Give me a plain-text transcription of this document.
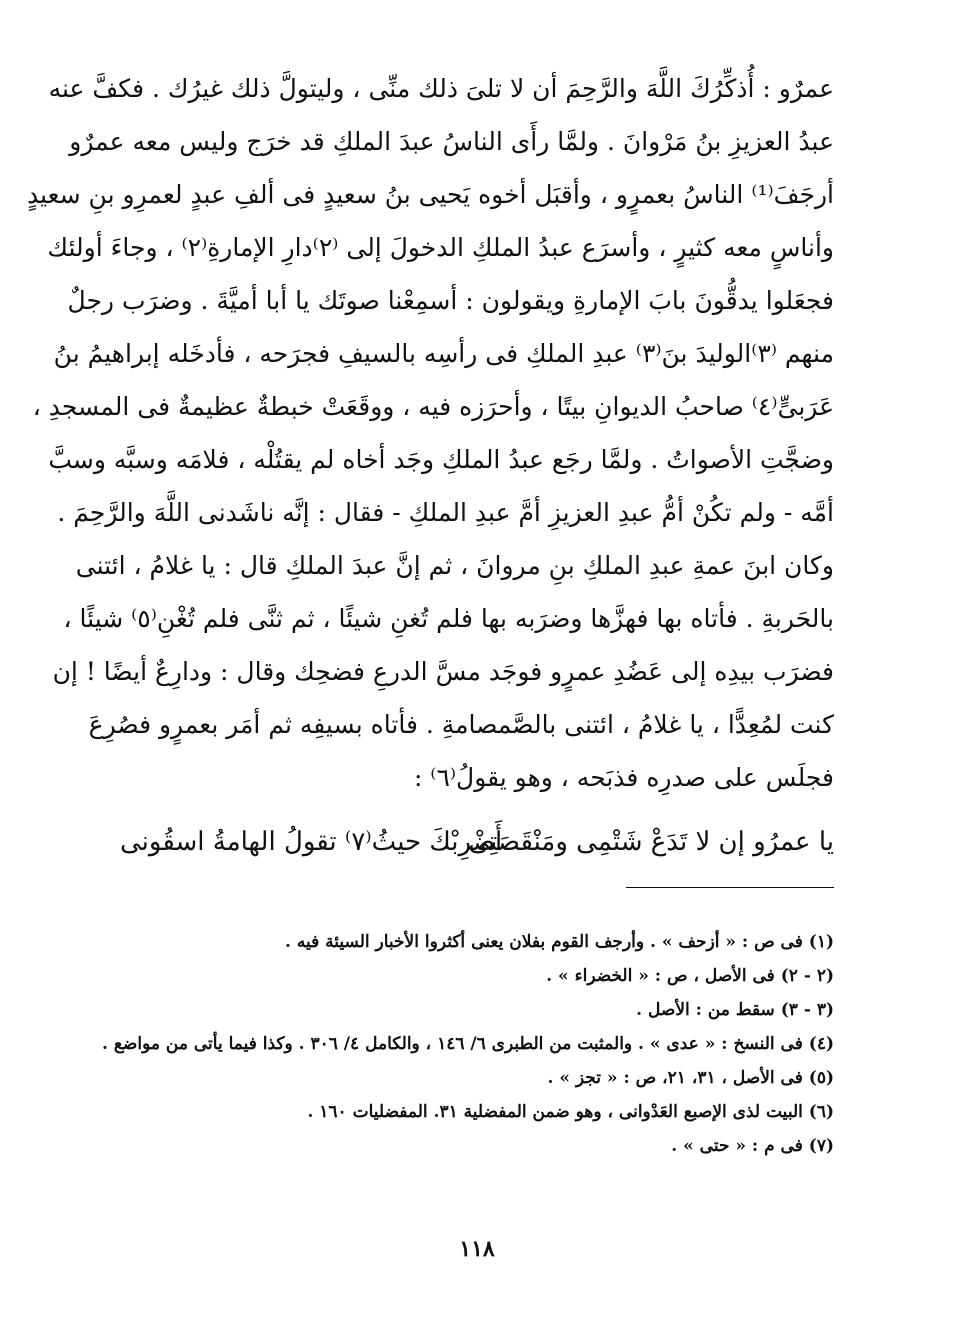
عمرٌو : أُذكِّرُكَ اللَّهَ والرَّحِمَ أن لا تلىَ ذلك منِّى ، وليتولَّ ذلك غيرُك . فكفَّ عنه
عبدُ العزيزِ بنُ مَرْوانَ . ولمَّا رأَى الناسُ عبدَ الملكِ قد خرَج وليس معه عمرٌو
أرجَفَ⁽¹⁾ الناسُ بعمرٍو ، وأقبَل أخوه يَحيى بنُ سعيدٍ فى ألفِ عبدٍ لعمرِو بنِ سعيدٍ
وأناسٍ معه كثيرٍ ، وأسرَع عبدُ الملكِ الدخولَ إلى ⁽٢⁾دارِ الإمارةِ⁽٢⁾ ، وجاءَ أولئك
فجعَلوا يدقُّونَ بابَ الإمارةِ ويقولون : أسمِعْنا صوتَك يا أبا أميَّةَ . وضرَب رجلٌ
منهم ⁽٣⁾الوليدَ بنَ⁽٣⁾ عبدِ الملكِ فى رأسِه بالسيفِ فجرَحه ، فأدخَله إبراهيمُ بنُ
عَرَبىٍّ⁽٤⁾ صاحبُ الديوانِ بيتًا ، وأحرَزه فيه ، ووقَعَتْ خبطةٌ عظيمةٌ فى المسجدِ ،
وضجَّتِ الأصواتُ . ولمَّا رجَع عبدُ الملكِ وجَد أخاه لم يقتُلْه ، فلامَه وسبَّه وسبَّ
أمَّه - ولم تكُنْ أمُّ عبدِ العزيزِ أمَّ عبدِ الملكِ - فقال : إنَّه ناشَدنى اللَّهَ والرَّحِمَ .
وكان ابنَ عمةِ عبدِ الملكِ بنِ مروانَ ، ثم إنَّ عبدَ الملكِ قال : يا غلامُ ، ائتنى
بالحَربةِ . فأتاه بها فهزَّها وضرَبه بها فلم تُغنِ شيئًا ، ثم ثنَّى فلم تُغْنِ⁽٥⁾ شيئًا ،
فضرَب بيدِه إلى عَضُدِ عمرٍو فوجَد مسَّ الدرعِ فضحِك وقال : ودارِعٌ أيضًا ! إن
كنت لمُعِدًّا ، يا غلامُ ، ائتنى بالصَّمصامةِ . فأتاه بسيفِه ثم أمَر بعمرٍو فصُرِعَ
فجلَس على صدرِه فذبَحه ، وهو يقولُ⁽٦⁾ :
يا عمرُو إن لا تَدَعْ شَتْمِى ومَنْقَصَتِى
أَضْرِبْكَ حيثُ⁽٧⁾ تقولُ الهامةُ اسقُونى
(١) فى ص : « أزحف » . وأرجف القوم بفلان يعنى أكثروا الأخبار السيئة فيه .
(٢ - ٢) فى الأصل ، ص : « الخضراء » .
(٣ - ٣) سقط من : الأصل .
(٤) فى النسخ : « عدى » . والمثبت من الطبرى ٦/ ١٤٦ ، والكامل ٤/ ٣٠٦ . وكذا فيما يأتى من مواضع .
(٥) فى الأصل ، ٣١، ٢١، ص : « تجز » .
(٦) البيت لذى الإصبع العَدْوانى ، وهو ضمن المفضلية ٣١. المفضليات ١٦٠ .
(٧) فى م : « حتى » .
١١٨
